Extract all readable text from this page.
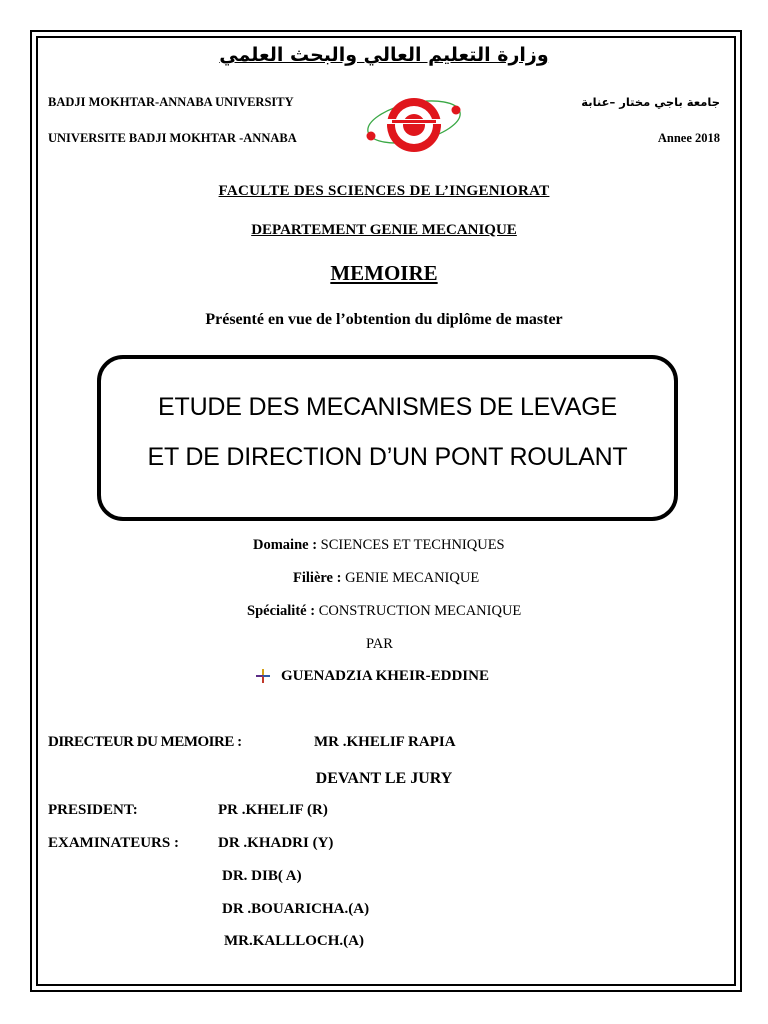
وزارة التعليم العالي والبحث العلمي
BADJI MOKHTAR-ANNABA UNIVERSITY
UNIVERSITE BADJI MOKHTAR -ANNABA
جامعة باجي مختار –عنابة
Annee 2018
FACULTE DES SCIENCES DE L’INGENIORAT
DEPARTEMENT GENIE MECANIQUE
MEMOIRE
Présenté en vue de l’obtention du diplôme de master
ETUDE DES MECANISMES DE LEVAGE
ET DE DIRECTION D’UN PONT ROULANT
Domaine : SCIENCES ET TECHNIQUES
Filière : GENIE MECANIQUE
Spécialité : CONSTRUCTION MECANIQUE
PAR
GUENADZIA KHEIR-EDDINE
DIRECTEUR DU MEMOIRE :	MR .KHELIF RAPIA
DEVANT LE JURY
PRESIDENT:	PR .KHELIF (R)
EXAMINATEURS :	DR .KHADRI (Y)
DR. DIB( A)
DR .BOUARICHA.(A)
MR.KALLLOCH.(A)
